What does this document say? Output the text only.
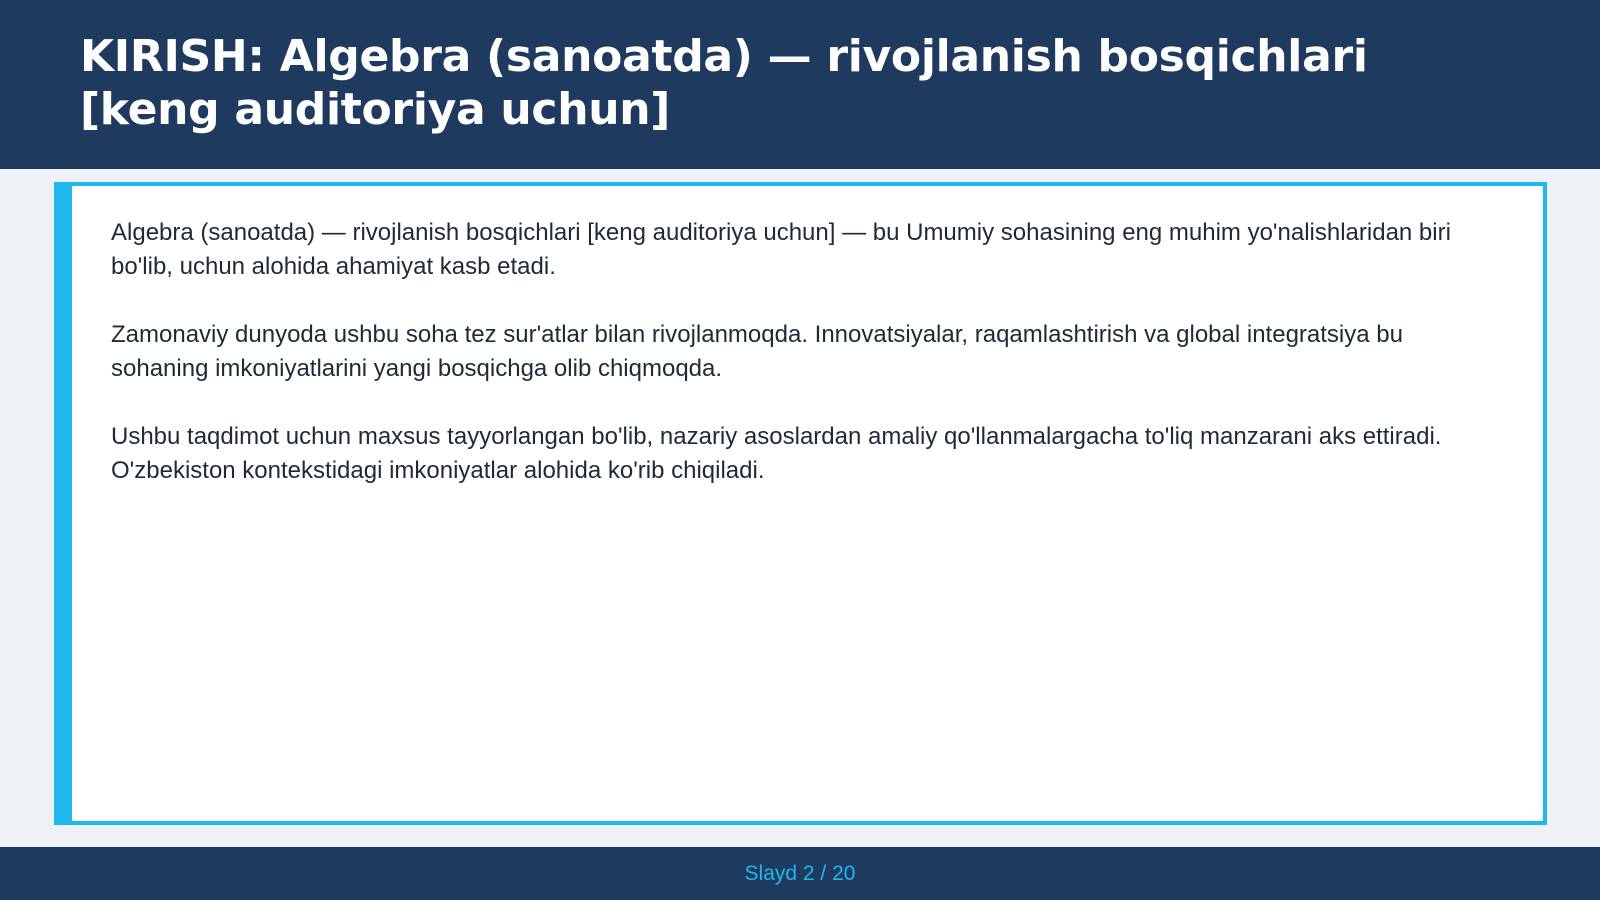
KIRISH: Algebra (sanoatda) — rivojlanish bosqichlari [keng auditoriya uchun]

Algebra (sanoatda) — rivojlanish bosqichlari [keng auditoriya uchun] — bu Umumiy sohasining eng muhim yo'nalishlaridan biri bo'lib, uchun alohida ahamiyat kasb etadi.

Zamonaviy dunyoda ushbu soha tez sur'atlar bilan rivojlanmoqda. Innovatsiyalar, raqamlashtirish va global integratsiya bu sohaning imkoniyatlarini yangi bosqichga olib chiqmoqda.

Ushbu taqdimot uchun maxsus tayyorlangan bo'lib, nazariy asoslardan amaliy qo'llanmalargacha to'liq manzarani aks ettiradi. O'zbekiston kontekstidagi imkoniyatlar alohida ko'rib chiqiladi.

Slayd 2 / 20
